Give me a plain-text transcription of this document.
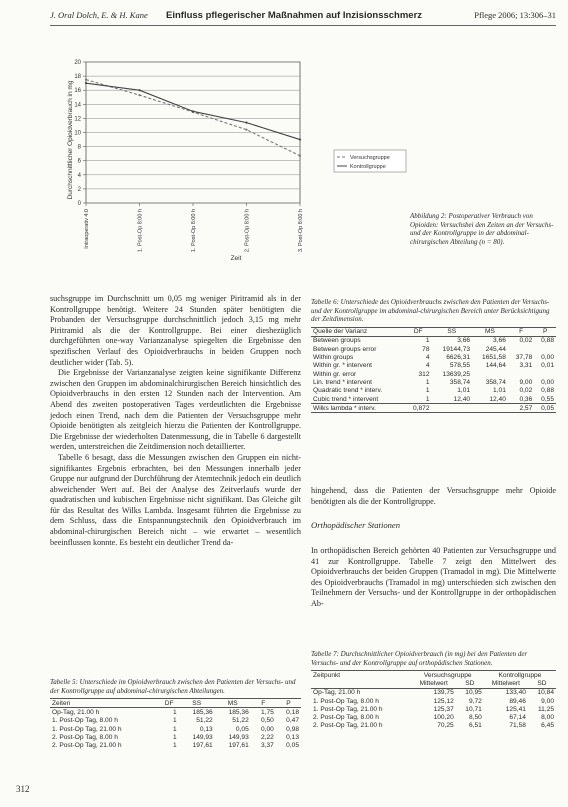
J. Oral Dolch, E. & H. Kane Einfluss pflegerischer Maßnahmen auf Inzisionsschmerz	Pflege 2006; 13:306–31
Durchschnittlicher Opioidverbrauch in mg
Zeit
0
2
4
6
8
10
12
14
16
18
20
Intraoperativ 4:0	1. Post-Op 8:00 h	1. Post-Op 8:00 h	2. Post-Op 8:00 h	3. Post-Op 8:00 h
Versuchsgruppe
Kontrollgruppe
Abbildung 2: Postoperativer Verbrauch von Opioiden: Versuchsbei den Zeiten an der Versuchs- und der Kontrollgruppe in der abdominal-chirurgischen Abteilung (n = 80).

suchsgruppe im Durchschnitt um 0,05 mg weniger Piritramid als in der Kontrollgruppe benötigt. Weitere 24 Stunden später benötigten die Probanden der Versuchsgruppe durchschnittlich jedoch 3,15 mg mehr Piritramid als die der Kontrollgruppe. Bei einer dieshezüglich durchgeführten one-way Varianzanalyse spiegelten die Ergebnisse den spezifischen Verlauf des Opioidverbrauchs in beiden Gruppen noch deutlicher wider (Tab. 5).

Die Ergebnisse der Varianzanalyse zeigten keine signifikante Differenz zwischen den Gruppen im abdominalchirurgischen Bereich hinsichtlich des Opioidverbrauchs in den ersten 12 Stunden nach der Intervention. Am Abend des zweiten postoperativen Tages verdeutlichten die Ergebnisse jedoch einen Trend, nach dem die Patienten der Versuchsgruppe mehr Opioide benötigten als zeitgleich hierzu die Patienten der Kontrollgruppe. Die Ergebnisse der wiederholten Datenmessung, die in Tabelle 6 dargestellt werden, unterstreichen die Zeitdimension noch detaillierter.

Tabelle 6 besagt, dass die Messungen zwischen den Gruppen ein nicht-signifikantes Ergebnis erbrachten, bei den Messungen innerhalb jeder Gruppe nur aufgrund der Durchführung der Atemtechnik jedoch ein deutlich abweichender Wert auf. Bei der Analyse des Zeitverlaufs wurde der quadratischen und kubischen Ergebnisse nicht signifikant. Das Gleiche gilt für das Resultat des Wilks Lambda. Insgesamt führten die Ergebnisse zu dem Schluss, dass die Entspannungstechnik den Opioidverbrauch im abdominal-chirurgischen Bereich nicht – wie erwartet – wesentlich beeinflussen konnte. Es besteht ein deutlicher Trend da-

Tabelle 6: Unterschiede des Opioidverbrauchs zwischen den Patienten der Versuchs- und der Kontrollgruppe im abdominal-chirurgischen Bereich unter Berücksichtigung der Zeitdimension.
Quelle der Varianz	DF	SS	MS	F	P
Between groups	1	3,66	3,66	0,02	0,88
Between groups error	78	19144,73	245,44		
Within groups	4	6626,31	1651,58	37,78	0,00
Within gr. * intervent	4	578,55	144,64	3,31	0,01
Within gr. error	312	13639,25			
Lin. trend * intervent	1	358,74	358,74	9,00	0,00
Quadratic trend * interv.	1	1,01	1,01	0,02	0,88
Cubic trend * intervent	1	12,40	12,40	0,36	0,55
Wilks lambda * interv.	0,872			2,57	0,05

hingehend, dass die Patienten der Versuchsgruppe mehr Opioide benötigten als die der Kontrollgruppe.

Orthopädischer Stationen

In orthopädischen Bereich gehörten 40 Patienten zur Versuchsgruppe und 41 zur Kontrollgruppe. Tabelle 7 zeigt den Mittelwert des Opioidverbrauchs der beiden Gruppen (Tramadol in mg). Die Mittelwerte des Opioidverbrauchs (Tramadol in mg) unterschieden sich zwischen den Teilnehmern der Versuchs- und der Kontrollgruppe in der orthopädischen Ab-

Tabelle 5: Unterschiede im Opioidverbrauch zwischen den Patienten der Versuchs- und der Kontrollgruppe auf abdominal-chirurgischen Abteilungen.
Zeiten	DF	SS	MS	F	P
Op-Tag, 21.00 h	1	185,36	185,36	1,75	0,18
1. Post-Op Tag, 8.00 h	1	51,22	51,22	0,50	0,47
1. Post-Op Tag, 21.00 h	1	0,13	0,05	0,00	0,98
2. Post-Op Tag, 8.00 h	1	149,93	149,93	2,22	0,13
2. Post-Op Tag, 21.00 h	1	197,61	197,61	3,37	0,05
Tabelle 7: Durchschnittlicher Opioidverbrauch (in mg) bei den Patienten der Versuchs- und der Kontrollgruppe auf orthopädischen Stationen.
Zeitpunkt	Versuchsgruppe		Kontrollgruppe	
	Mittelwert	SD	Mittelwert	SD
Op-Tag, 21.00 h	139,75	10,95	133,40	10,84
1. Post-Op Tag, 8.00 h	125,12	9,72	89,46	9,00
1. Post-Op Tag, 21.00 h	125,37	10,71	125,41	11,25
2. Post-Op Tag, 8.00 h	100,20	8,50	67,14	8,00
2. Post-Op Tag, 21.00 h	70,25	6,51	71,58	6,45
312
